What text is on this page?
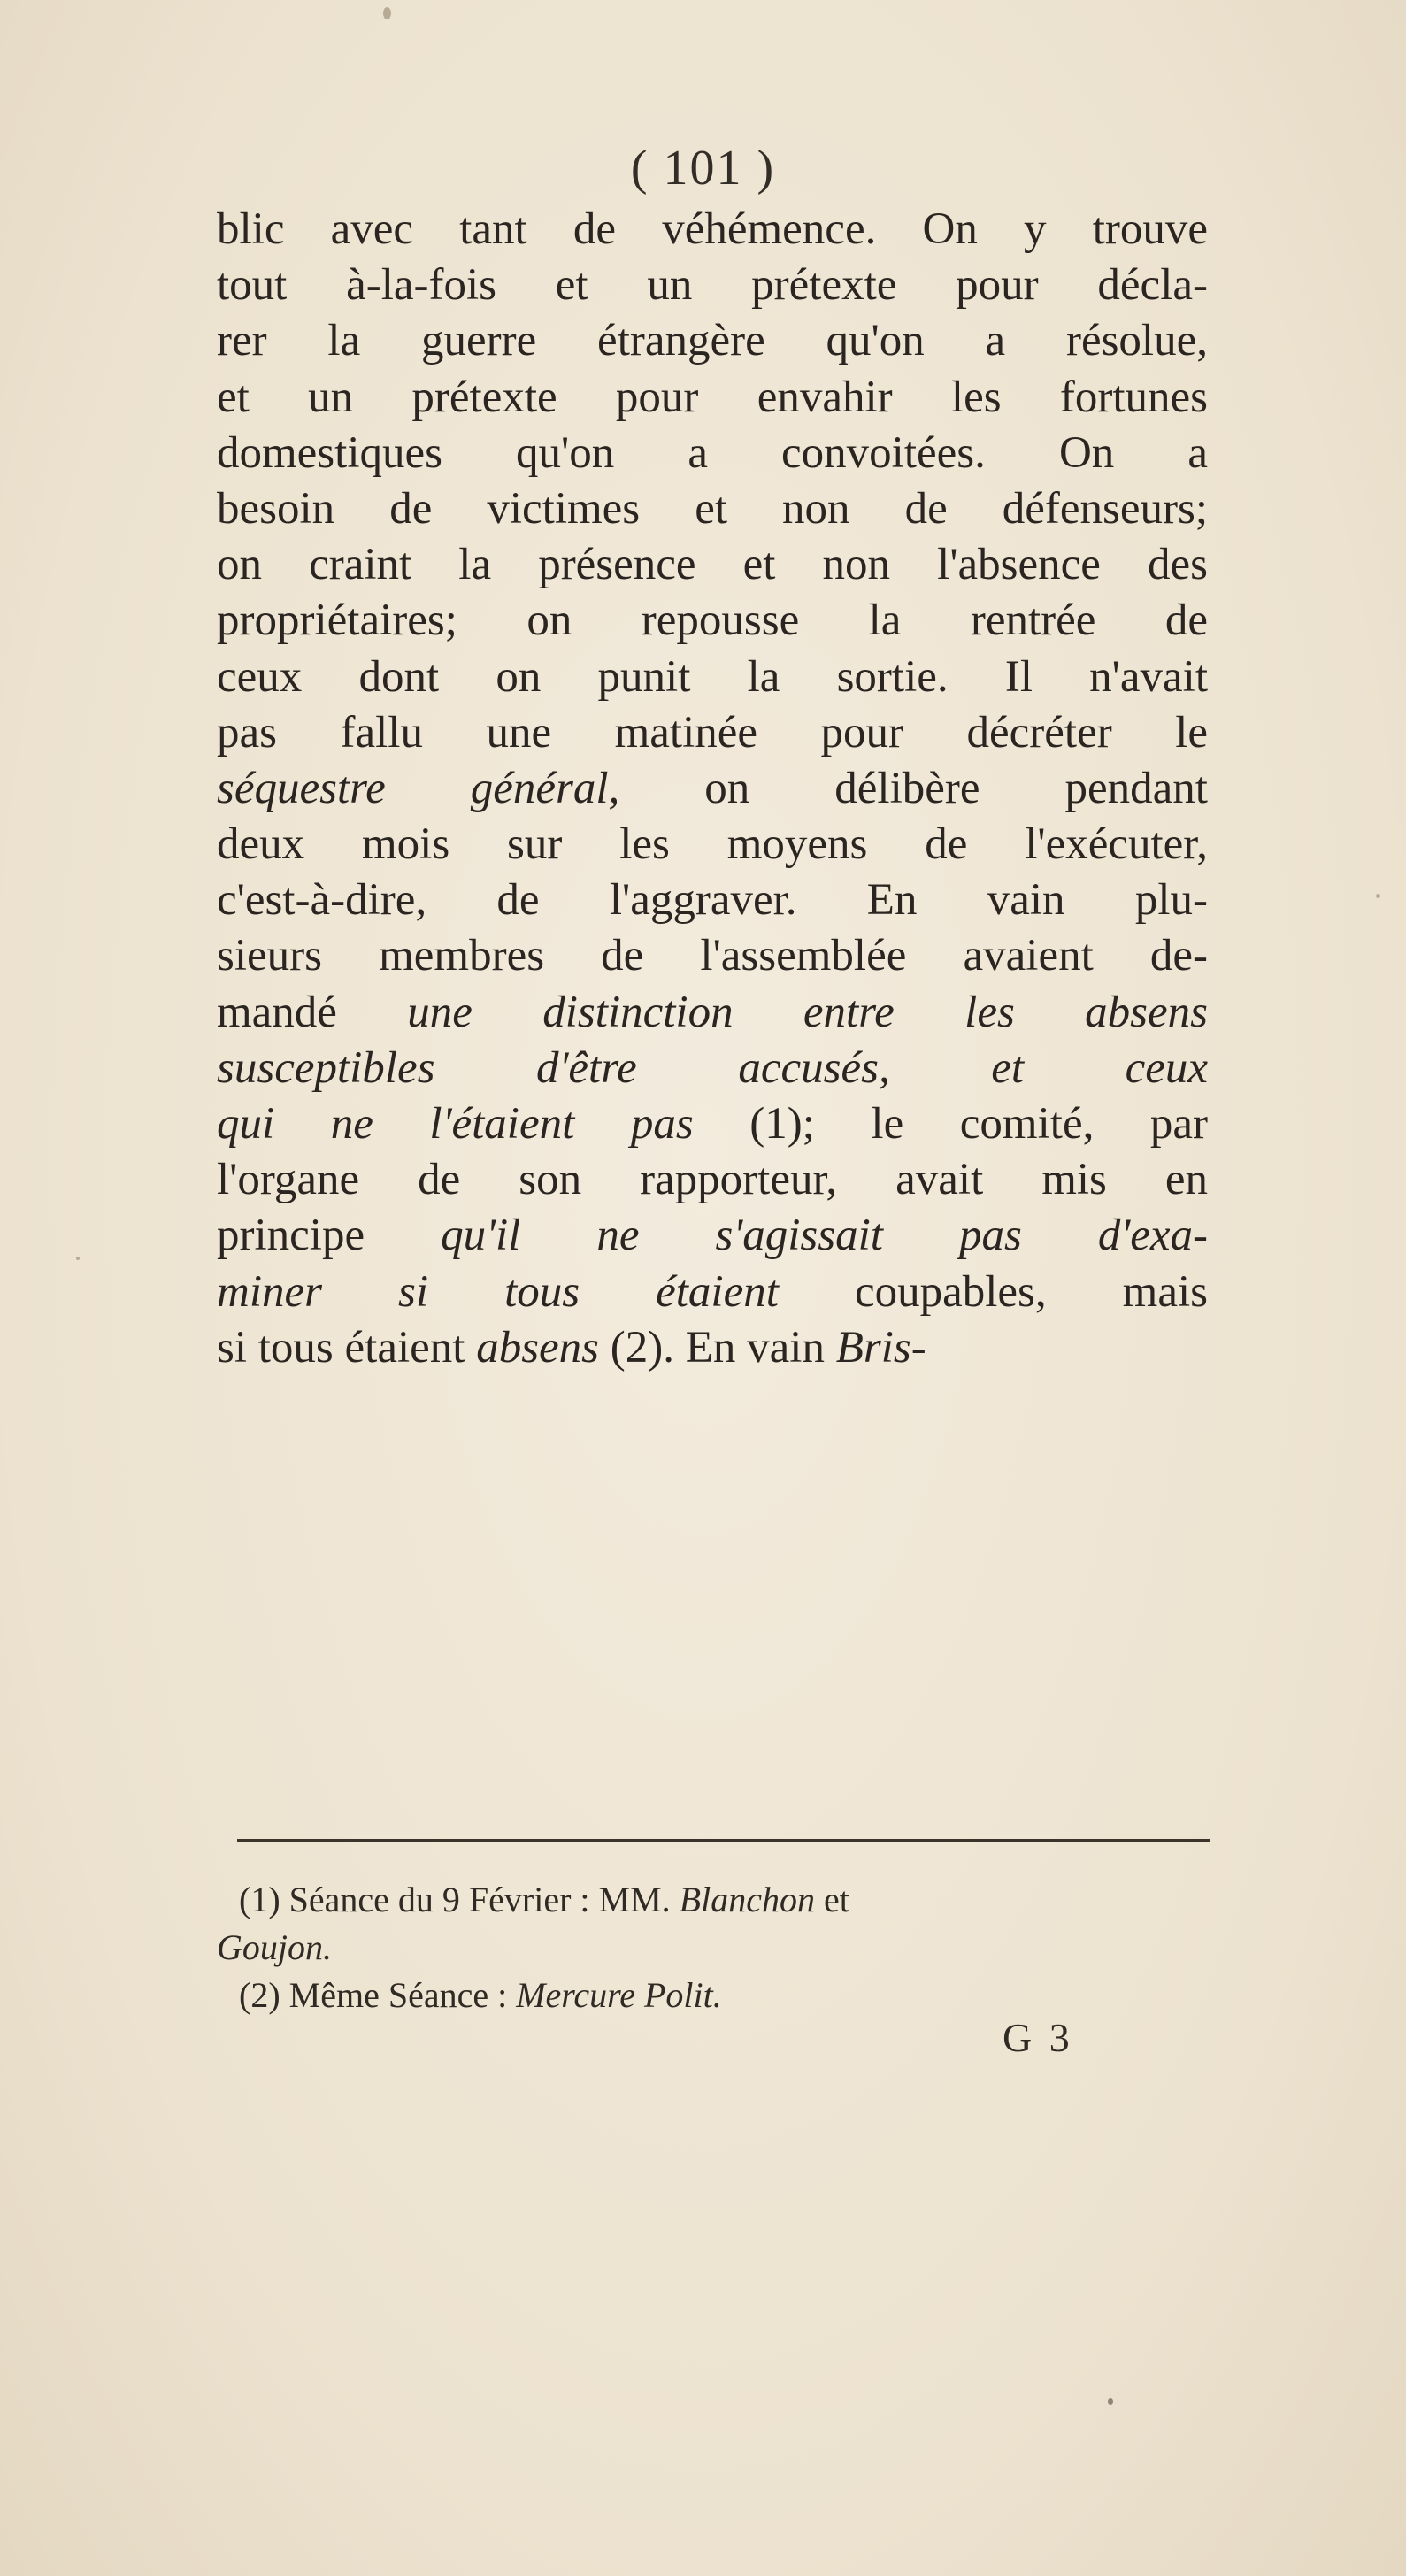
( 101 )
blic avec tant de véhémence. On y trouve
tout à-la-fois et un prétexte pour décla-
rer la guerre étrangère qu'on a résolue,
et un prétexte pour envahir les fortunes
domestiques qu'on a convoitées. On a
besoin de victimes et non de défenseurs;
on craint la présence et non l'absence des
propriétaires; on repousse la rentrée de
ceux dont on punit la sortie. Il n'avait
pas fallu une matinée pour décréter le
séquestre général, on délibère pendant
deux mois sur les moyens de l'exécuter,
c'est-à-dire, de l'aggraver. En vain plu-
sieurs membres de l'assemblée avaient de-
mandé une distinction entre les absens
susceptibles d'être accusés, et ceux
qui ne l'étaient pas (1); le comité, par
l'organe de son rapporteur, avait mis en
principe qu'il ne s'agissait pas d'exa-
miner si tous étaient coupables, mais
si tous étaient absens (2). En vain Bris-
(1) Séance du 9 Février : MM. Blanchon et
Goujon.
(2) Même Séance : Mercure Polit.
G 3
